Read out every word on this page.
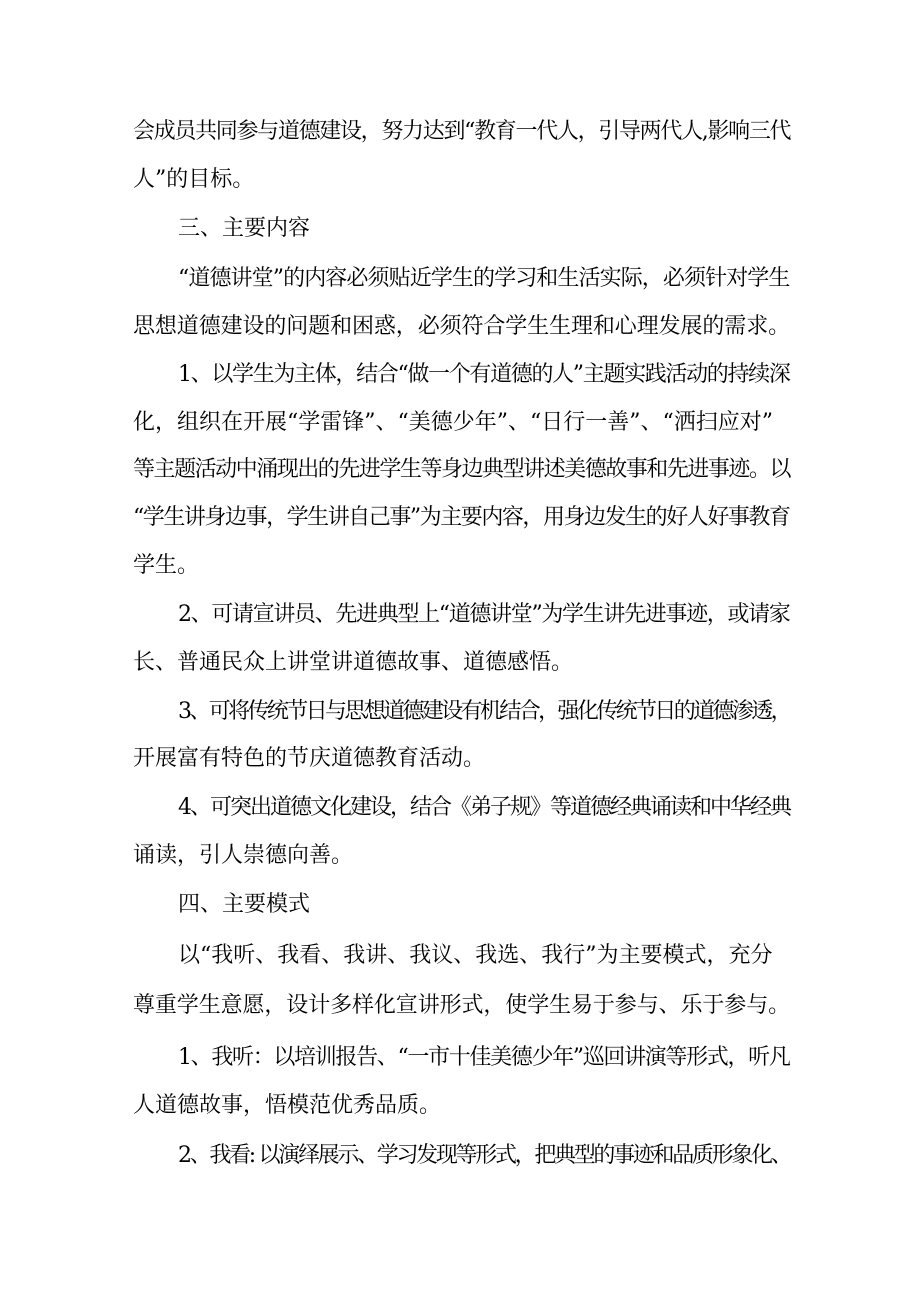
会成员共同参与道德建设，努力达到“教育一代人，引导两代人,影响三代
人”的目标。
三、主要内容
“道德讲堂”的内容必须贴近学生的学习和生活实际，必须针对学生
思想道德建设的问题和困惑，必须符合学生生理和心理发展的需求。
1、以学生为主体，结合“做一个有道德的人”主题实践活动的持续深
化，组织在开展“学雷锋”、“美德少年”、“日行一善”、“洒扫应对”
等主题活动中涌现出的先进学生等身边典型讲述美德故事和先进事迹。以
“学生讲身边事，学生讲自己事”为主要内容，用身边发生的好人好事教育
学生。
2、可请宣讲员、先进典型上“道德讲堂”为学生讲先进事迹，或请家
长、普通民众上讲堂讲道德故事、道德感悟。
3、可将传统节日与思想道德建设有机结合，强化传统节日的道德渗透，
开展富有特色的节庆道德教育活动。
4、可突出道德文化建设，结合《弟子规》等道德经典诵读和中华经典
诵读，引人崇德向善。
四、主要模式
以“我听、我看、我讲、我议、我选、我行”为主要模式，充分
尊重学生意愿，设计多样化宣讲形式，使学生易于参与、乐于参与。
1、我听：以培训报告、“一市十佳美德少年”巡回讲演等形式，听凡
人道德故事，悟模范优秀品质。
2、我看: 以演绎展示、学习发现等形式，把典型的事迹和品质形象化、
